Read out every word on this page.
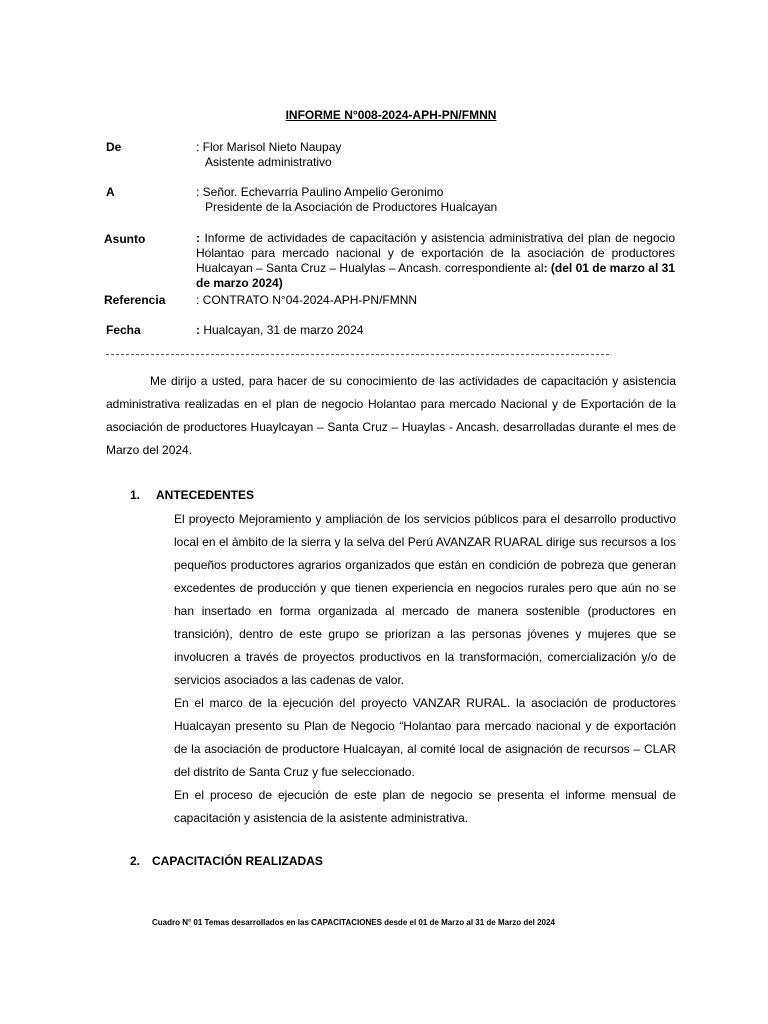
INFORME N°008-2024-APH-PN/FMNN
De	: Flor Marisol Nieto Naupay
Asistente administrativo
A	: Señor. Echevarria Paulino Ampelio Geronimo
Presidente de la Asociación de Productores Hualcayan
Asunto	: Informe de actividades de capacitación y asistencia administrativa del plan de negocio Holantao para mercado nacional y de exportación de la asociación de productores Hualcayan – Santa Cruz – Hualylas – Ancash. correspondiente al: (del 01 de marzo al 31 de marzo 2024)
Referencia	: CONTRATO N°04-2024-APH-PN/FMNN
Fecha	: Hualcayan, 31 de marzo 2024
Me dirijo a usted, para hacer de su conocimiento de las actividades de capacitación y asistencia administrativa realizadas en el plan de negocio Holantao para mercado Nacional y de Exportación de la asociación de productores Huaylcayan – Santa Cruz – Huaylas - Ancash. desarrolladas durante el mes de Marzo del 2024.
1. ANTECEDENTES
El proyecto Mejoramiento y ampliación de los servicios públicos para el desarrollo productivo local en el ámbito de la sierra y la selva del Perú AVANZAR RUARAL dirige sus recursos a los pequeños productores agrarios organizados que están en condición de pobreza que generan excedentes de producción y que tienen experiencia en negocios rurales pero que aún no se han insertado en forma organizada al mercado de manera sostenible (productores en transición), dentro de este grupo se priorizan a las personas jóvenes y mujeres que se involucren a través de proyectos productivos en la transformación, comercialización y/o de servicios asociados a las cadenas de valor.
En el marco de la ejecución del proyecto VANZAR RURAL. la asociación de productores Hualcayan presento su Plan de Negocio “Holantao para mercado nacional y de exportación de la asociación de productore Hualcayan, al comité local de asignación de recursos – CLAR del distrito de Santa Cruz y fue seleccionado.
En el proceso de ejecución de este plan de negocio se presenta el informe mensual de capacitación y asistencia de la asistente administrativa.
2. CAPACITACIÓN REALIZADAS
Cuadro N° 01 Temas desarrollados en las CAPACITACIONES desde el 01 de Marzo al 31 de Marzo del 2024
